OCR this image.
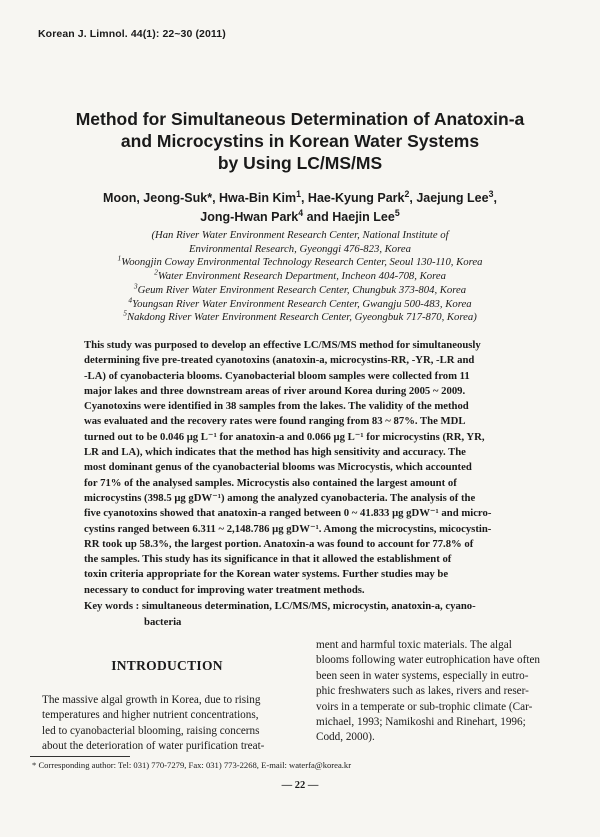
Korean J. Limnol. 44(1): 22~30 (2011)
Method for Simultaneous Determination of Anatoxin-a
and Microcystins in Korean Water Systems
by Using LC/MS/MS
Moon, Jeong-Suk*, Hwa-Bin Kim$^1$, Hae-Kyung Park$^2$, Jaejung Lee$^3$,
Jong-Hwan Park$^4$ and Haejin Lee$^5$
(Han River Water Environment Research Center, National Institute of
Environmental Research, Gyeonggi 476-823, Korea
$^1$Woongjin Coway Environmental Technology Research Center, Seoul 130-110, Korea
$^2$Water Environment Research Department, Incheon 404-708, Korea
$^3$Geum River Water Environment Research Center, Chungbuk 373-804, Korea
$^4$Youngsan River Water Environment Research Center, Gwangju 500-483, Korea
$^5$Nakdong River Water Environment Research Center, Gyeongbuk 717-870, Korea)
This study was purposed to develop an effective LC/MS/MS method for simultaneously
determining five pre-treated cyanotoxins (anatoxin-a, microcystins-RR, -YR, -LR and
-LA) of cyanobacteria blooms. Cyanobacterial bloom samples were collected from 11
major lakes and three downstream areas of river around Korea during 2005 ~ 2009.
Cyanotoxins were identified in 38 samples from the lakes. The validity of the method
was evaluated and the recovery rates were found ranging from 83 ~ 87%. The MDL
turned out to be 0.046 μg L⁻¹ for anatoxin-a and 0.066 μg L⁻¹ for microcystins (RR, YR,
LR and LA), which indicates that the method has high sensitivity and accuracy. The
most dominant genus of the cyanobacterial blooms was Microcystis, which accounted
for 71% of the analysed samples. Microcystis also contained the largest amount of
microcystins (398.5 μg gDW⁻¹) among the analyzed cyanobacteria. The analysis of the
five cyanotoxins showed that anatoxin-a ranged between 0 ~ 41.833 μg gDW⁻¹ and micro-
cystins ranged between 6.311 ~ 2,148.786 μg gDW⁻¹. Among the microcystins, micocystin-
RR took up 58.3%, the largest portion. Anatoxin-a was found to account for 77.8% of
the samples. This study has its significance in that it allowed the establishment of
toxin criteria appropriate for the Korean water systems. Further studies may be
necessary to conduct for improving water treatment methods.
Key words : simultaneous determination, LC/MS/MS, microcystin, anatoxin-a, cyano-
bacteria
INTRODUCTION
The massive algal growth in Korea, due to rising
temperatures and higher nutrient concentrations,
led to cyanobacterial blooming, raising concerns
about the deterioration of water purification treat-
ment and harmful toxic materials. The algal
blooms following water eutrophication have often
been seen in water systems, especially in eutro-
phic freshwaters such as lakes, rivers and reser-
voirs in a temperate or sub-trophic climate (Car-
michael, 1993; Namikoshi and Rinehart, 1996;
Codd, 2000).
* Corresponding author: Tel: 031) 770-7279, Fax: 031) 773-2268, E-mail: waterfa@korea.kr
— 22 —
